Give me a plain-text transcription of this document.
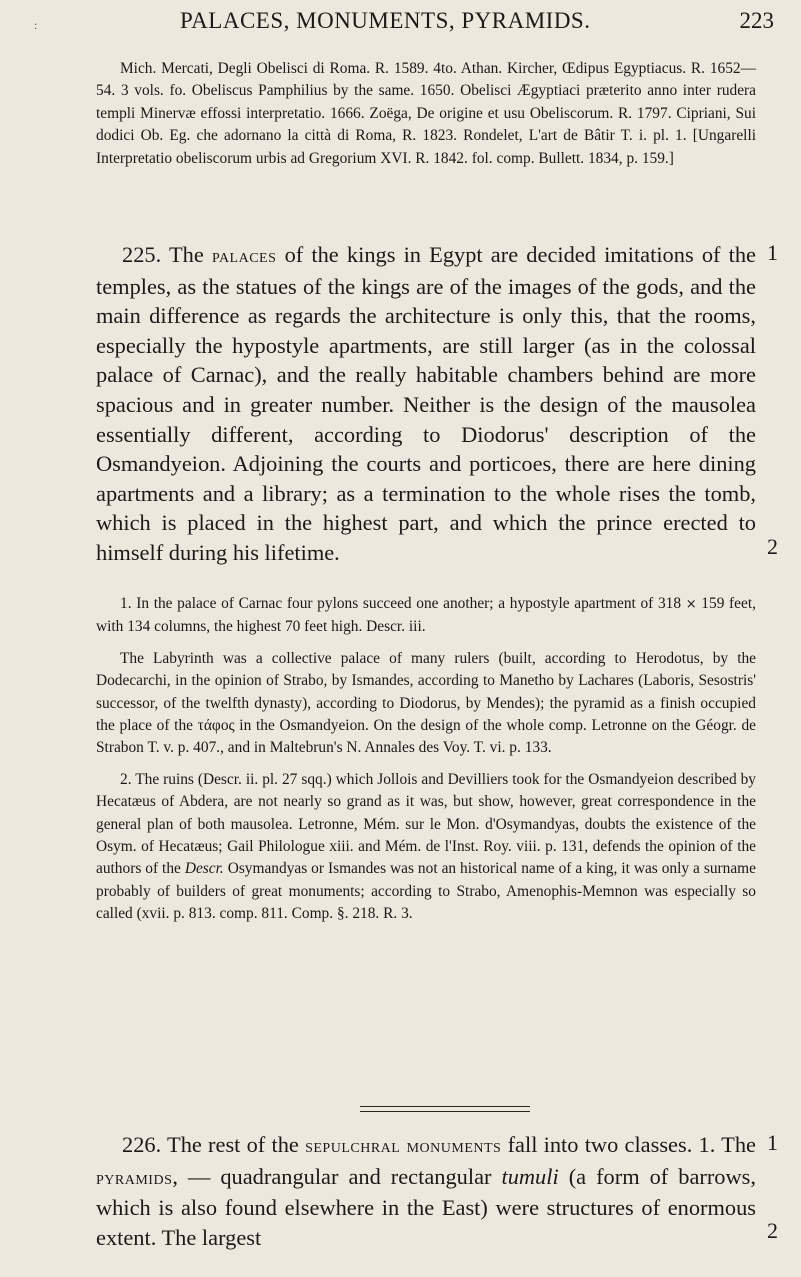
:	PALACES, MONUMENTS, PYRAMIDS.	223

Mich. Mercati, Degli Obelisci di Roma. R. 1589. 4to. Athan. Kircher, Œdipus Egyptiacus. R. 1652—54. 3 vols. fo. Obeliscus Pamphilius by the same. 1650. Obelisci Ægyptiaci præterito anno inter rudera templi Minervæ effossi interpretatio. 1666. Zoëga, De origine et usu Obeliscorum. R. 1797. Cipriani, Sui dodici Ob. Eg. che adornano la città di Roma, R. 1823. Rondelet, L'art de Bâtir T. i. pl. 1. [Ungarelli Interpretatio obeliscorum urbis ad Gregorium XVI. R. 1842. fol. comp. Bullett. 1834, p. 159.]

225. The palaces of the kings in Egypt are decided imitations of the temples, as the statues of the kings are of the images of the gods, and the main difference as regards the architecture is only this, that the rooms, especially the hypostyle apartments, are still larger (as in the colossal palace of Carnac), and the really habitable chambers behind are more spacious and in greater number. Neither is the design of the mausolea essentially different, according to Diodorus' description of the Osmandyeion. Adjoining the courts and porticoes, there are here dining apartments and a library; as a termination to the whole rises the tomb, which is placed in the highest part, and which the prince erected to himself during his lifetime.

1
2

1. In the palace of Carnac four pylons succeed one another; a hypostyle apartment of 318 × 159 feet, with 134 columns, the highest 70 feet high. Descr. iii.

The Labyrinth was a collective palace of many rulers (built, according to Herodotus, by the Dodecarchi, in the opinion of Strabo, by Ismandes, according to Manetho by Lachares (Laboris, Sesostris' successor, of the twelfth dynasty), according to Diodorus, by Mendes); the pyramid as a finish occupied the place of the τάφος in the Osmandyeion. On the design of the whole comp. Letronne on the Géogr. de Strabon T. v. p. 407., and in Maltebrun's N. Annales des Voy. T. vi. p. 133.

2. The ruins (Descr. ii. pl. 27 sqq.) which Jollois and Devilliers took for the Osmandyeion described by Hecatæus of Abdera, are not nearly so grand as it was, but show, however, great correspondence in the general plan of both mausolea. Letronne, Mém. sur le Mon. d'Osymandyas, doubts the existence of the Osym. of Hecatæus; Gail Philologue xiii. and Mém. de l'Inst. Roy. viii. p. 131, defends the opinion of the authors of the Descr. Osymandyas or Ismandes was not an historical name of a king, it was only a surname probably of builders of great monuments; according to Strabo, Amenophis-Memnon was especially so called (xvii. p. 813. comp. 811. Comp. §. 218. R. 3.

226. The rest of the sepulchral monuments fall into two classes. 1. The pyramids, — quadrangular and rectangular tumuli (a form of barrows, which is also found elsewhere in the East) were structures of enormous extent. The largest

1
2
